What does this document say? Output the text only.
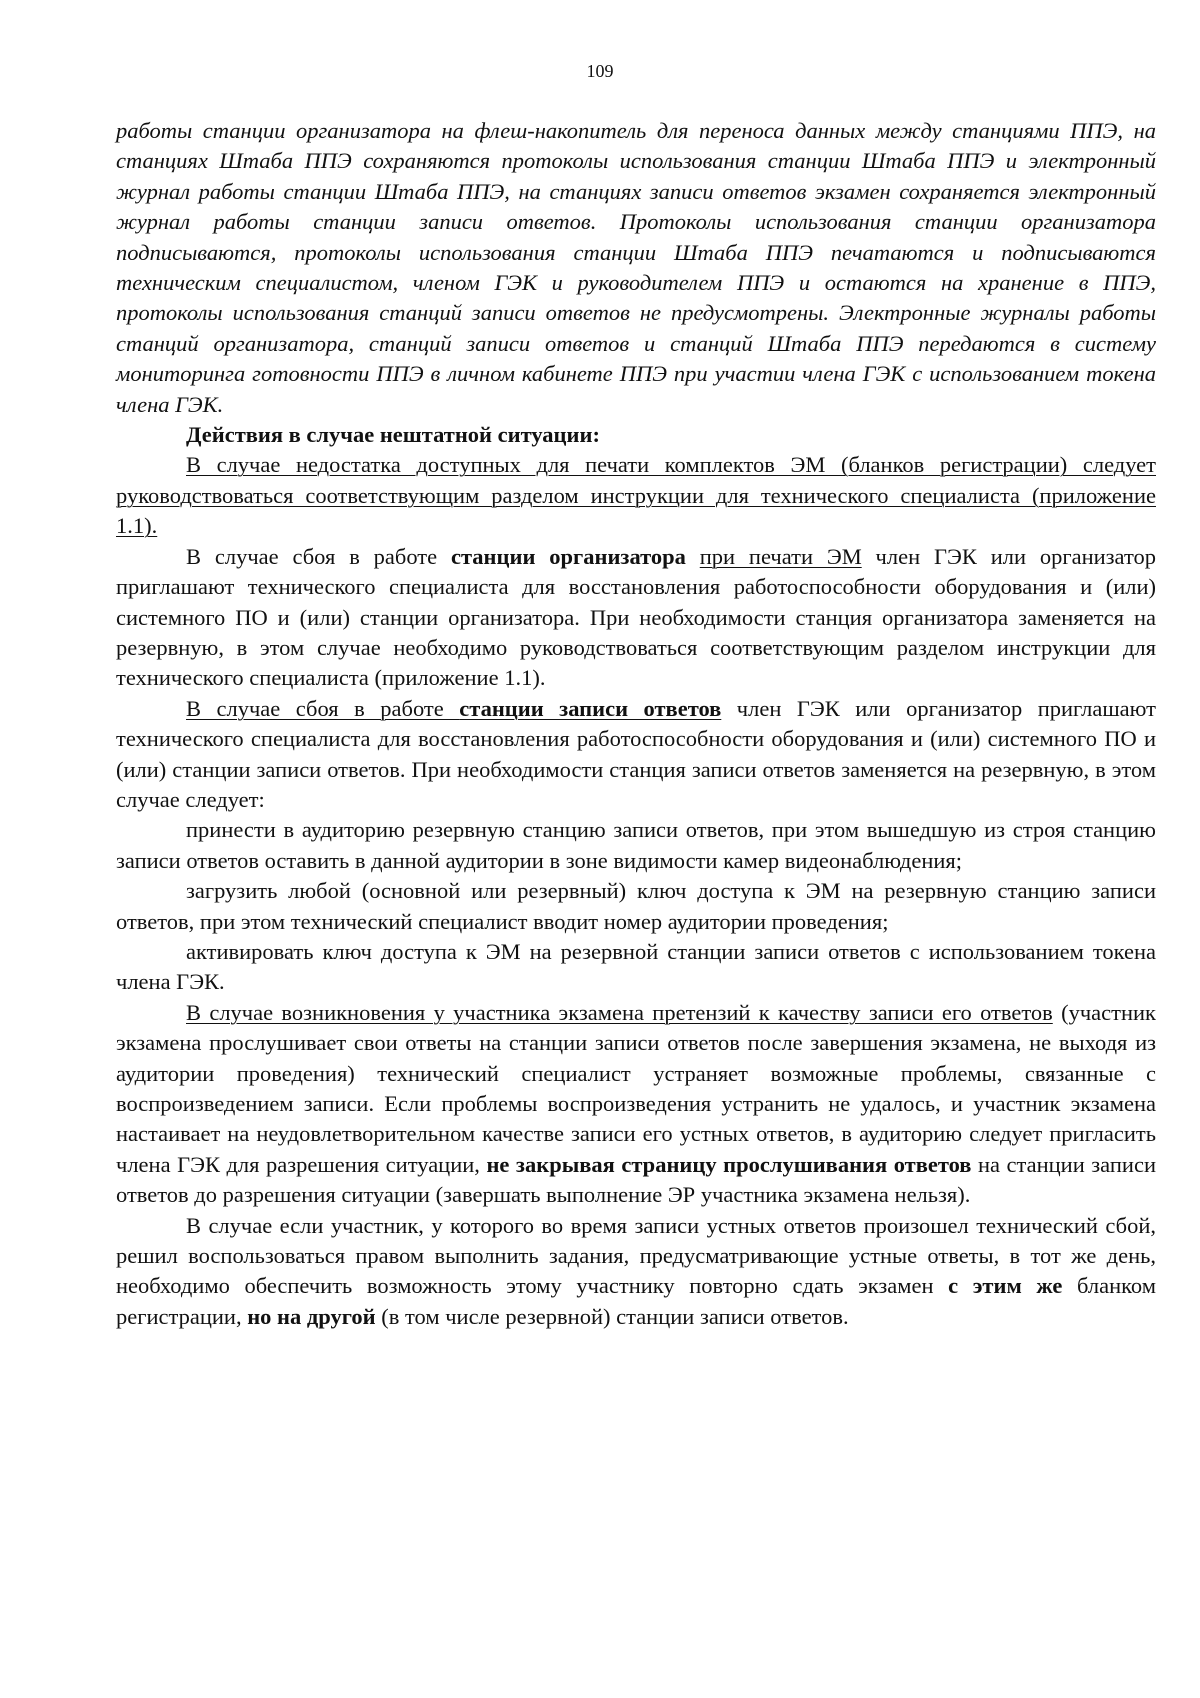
109

работы станции организатора на флеш-накопитель для переноса данных между станциями ППЭ, на станциях Штаба ППЭ сохраняются протоколы использования станции Штаба ППЭ и электронный журнал работы станции Штаба ППЭ, на станциях записи ответов экзамен сохраняется электронный журнал работы станции записи ответов. Протоколы использования станции организатора подписываются, протоколы использования станции Штаба ППЭ печатаются и подписываются техническим специалистом, членом ГЭК и руководителем ППЭ и остаются на хранение в ППЭ, протоколы использования станций записи ответов не предусмотрены. Электронные журналы работы станций организатора, станций записи ответов и станций Штаба ППЭ передаются в систему мониторинга готовности ППЭ в личном кабинете ППЭ при участии члена ГЭК с использованием токена члена ГЭК.

Действия в случае нештатной ситуации:

В случае недостатка доступных для печати комплектов ЭМ (бланков регистрации) следует руководствоваться соответствующим разделом инструкции для технического специалиста (приложение 1.1).

В случае сбоя в работе станции организатора при печати ЭМ член ГЭК или организатор приглашают технического специалиста для восстановления работоспособности оборудования и (или) системного ПО и (или) станции организатора. При необходимости станция организатора заменяется на резервную, в этом случае необходимо руководствоваться соответствующим разделом инструкции для технического специалиста (приложение 1.1).

В случае сбоя в работе станции записи ответов член ГЭК или организатор приглашают технического специалиста для восстановления работоспособности оборудования и (или) системного ПО и (или) станции записи ответов. При необходимости станция записи ответов заменяется на резервную, в этом случае следует:

принести в аудиторию резервную станцию записи ответов, при этом вышедшую из строя станцию записи ответов оставить в данной аудитории в зоне видимости камер видеонаблюдения;

загрузить любой (основной или резервный) ключ доступа к ЭМ на резервную станцию записи ответов, при этом технический специалист вводит номер аудитории проведения;

активировать ключ доступа к ЭМ на резервной станции записи ответов с использованием токена члена ГЭК.

В случае возникновения у участника экзамена претензий к качеству записи его ответов (участник экзамена прослушивает свои ответы на станции записи ответов после завершения экзамена, не выходя из аудитории проведения) технический специалист устраняет возможные проблемы, связанные с воспроизведением записи. Если проблемы воспроизведения устранить не удалось, и участник экзамена настаивает на неудовлетворительном качестве записи его устных ответов, в аудиторию следует пригласить члена ГЭК для разрешения ситуации, не закрывая страницу прослушивания ответов на станции записи ответов до разрешения ситуации (завершать выполнение ЭР участника экзамена нельзя).

В случае если участник, у которого во время записи устных ответов произошел технический сбой, решил воспользоваться правом выполнить задания, предусматривающие устные ответы, в тот же день, необходимо обеспечить возможность этому участнику повторно сдать экзамен с этим же бланком регистрации, но на другой (в том числе резервной) станции записи ответов.
